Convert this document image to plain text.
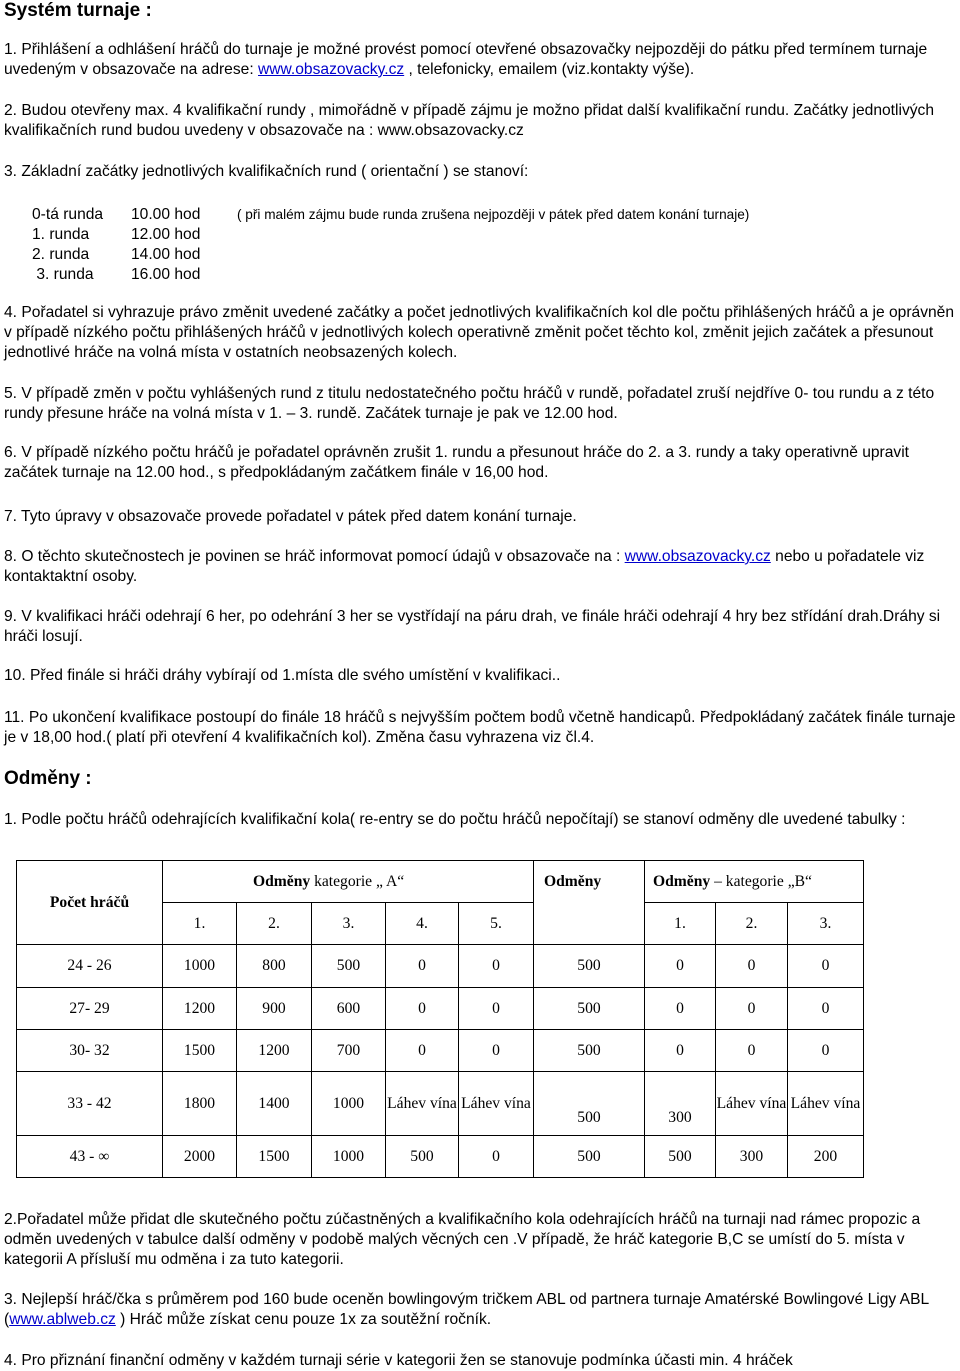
Systém turnaje :

1. Přihlášení a odhlášení hráčů do turnaje je možné provést pomocí otevřené obsazovačky nejpozději do pátku před termínem turnaje uvedeným v obsazovače na adrese: www.obsazovacky.cz , telefonicky, emailem (viz.kontakty výše).

2. Budou otevřeny max. 4 kvalifikační rundy , mimořádně v případě zájmu je možno přidat další kvalifikační rundu. Začátky jednotlivých kvalifikačních rund budou uvedeny v obsazovače na : www.obsazovacky.cz
3. Základní začátky jednotlivých kvalifikačních rund ( orientační ) se stanoví:
0-tá runda 10.00 hod	( při malém zájmu bude runda zrušena nejpozději v pátek před datem konání turnaje)
1. runda	12.00 hod
2. runda	14.00 hod
3. runda 16.00 hod
4. Pořadatel si vyhrazuje právo změnit uvedené začátky a počet jednotlivých kvalifikačních kol dle počtu přihlášených hráčů a je oprávněn v případě nízkého počtu přihlášených hráčů v jednotlivých kolech operativně změnit počet těchto kol, změnit jejich začátek a přesunout jednotlivé hráče na volná místa v ostatních neobsazených kolech.
5. V případě změn v počtu vyhlášených rund z titulu nedostatečného počtu hráčů v rundě, pořadatel zruší nejdříve 0- tou rundu a z této rundy přesune hráče na volná místa v 1. – 3. rundě. Začátek turnaje je pak ve 12.00 hod.
6. V případě nízkého počtu hráčů je pořadatel oprávněn zrušit 1. rundu a přesunout hráče do 2. a 3. rundy a taky operativně upravit začátek turnaje na 12.00 hod., s předpokládaným začátkem finále v 16,00 hod.
7. Tyto úpravy v obsazovače provede pořadatel v pátek před datem konání turnaje.

8. O těchto skutečnostech je povinen se hráč informovat pomocí údajů v obsazovače na : www.obsazovacky.cz nebo u pořadatele viz kontaktaktní osoby.

9. V kvalifikaci hráči odehrají 6 her, po odehrání 3 her se vystřídají na páru drah, ve finále hráči odehrají 4 hry bez střídání drah.Dráhy si hráči losují.
10. Před finále si hráči dráhy vybírají od 1.místa dle svého umístění v kvalifikaci..
11. Po ukončení kvalifikace postoupí do finále 18 hráčů s nejvyšším počtem bodů včetně handicapů. Předpokládaný začátek finále turnaje je v 18,00 hod.( platí při otevření 4 kvalifikačních kol). Změna času vyhrazena viz čl.4.
Odměny :
1. Podle počtu hráčů odehrajících kvalifikační kola( re-entry se do počtu hráčů nepočítají) se stanoví odměny dle uvedené tabulky :
Počet hráčů	Odměny kategorie „ A“					Odměny	Odměny – kategorie „B“		
	1.	2.	3.	4.	5.		1.	2.	3.
24 - 26	1000	800	500	0	0	500	0	0	0
27- 29	1200	900	600	0	0	500	0	0	0
30- 32	1500	1200	700	0	0	500	0	0	0
33 - 42	1800	1400	1000	Láhev vína	Láhev vína	500	300	Láhev vína	Láhev vína
43 - ∞	2000	1500	1000	500	0	500	500	300	200
2.Pořadatel může přidat dle skutečného počtu zúčastněných a kvalifikačního kola odehrajících hráčů na turnaji nad rámec propozic a odměn uvedených v tabulce další odměny v podobě malých věcných cen .V případě, že hráč kategorie B,C se umístí do 5. místa v kategorii A přísluší mu odměna i za tuto kategorii.

3. Nejlepší hráč/čka s průměrem pod 160 bude oceněn bowlingovým tričkem ABL od partnera turnaje Amatérské Bowlingové Ligy ABL (www.ablweb.cz ) Hráč může získat cenu pouze 1x za soutěžní ročník.

4. Pro přiznání finanční odměny v každém turnaji série v kategorii žen se stanovuje podmínka účasti min. 4 hráček
